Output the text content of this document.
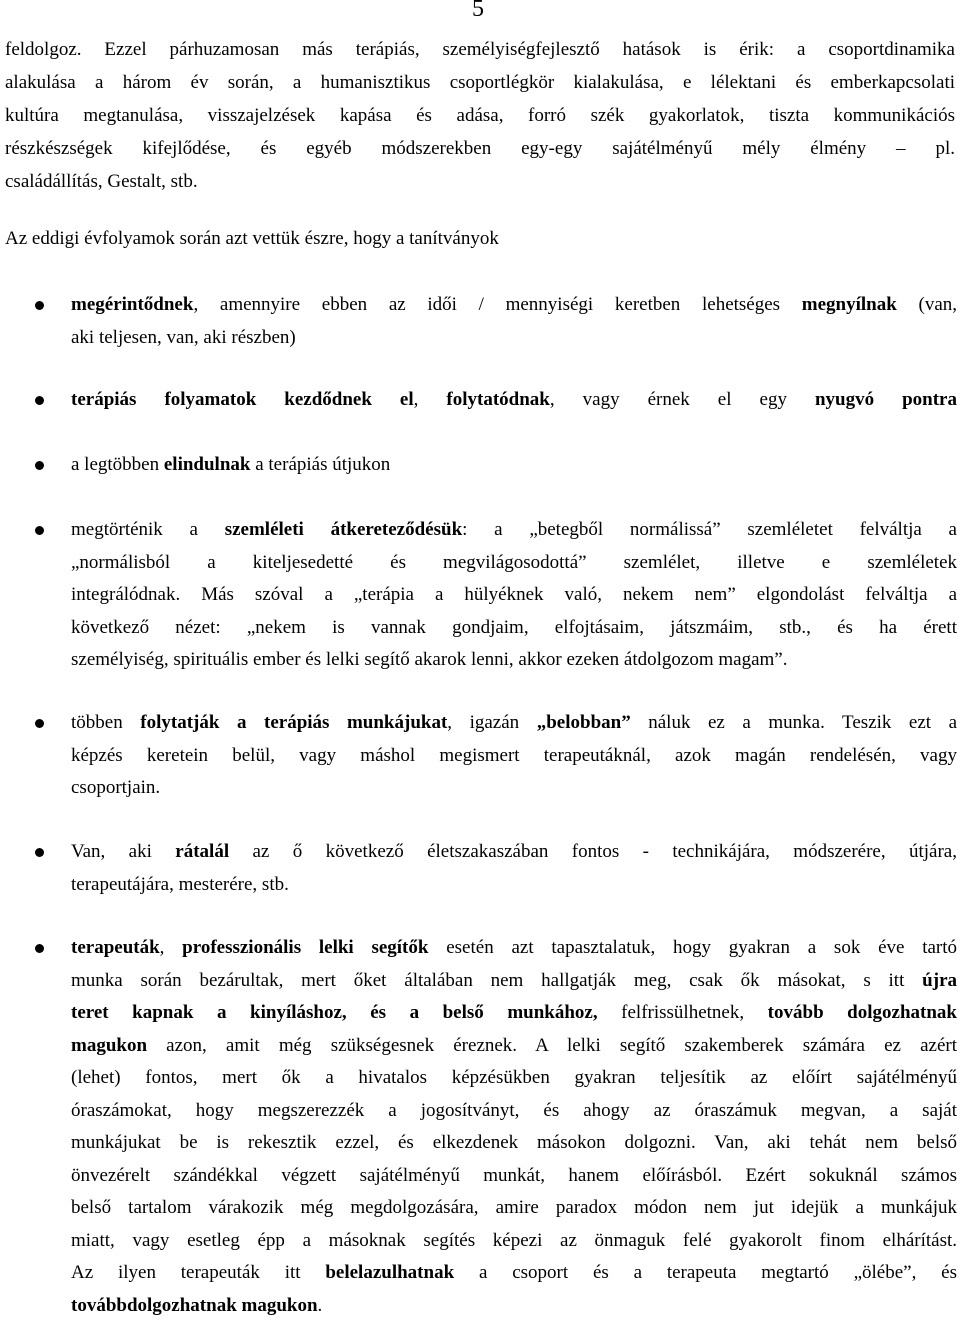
5

feldolgoz. Ezzel párhuzamosan más terápiás, személyiségfejlesztő hatások is érik: a csoportdinamika
alakulása a három év során, a humanisztikus csoportlégkör kialakulása, e lélektani és emberkapcsolati
kultúra megtanulása, visszajelzések kapása és adása, forró szék gyakorlatok, tiszta kommunikációs
részkészségek kifejlődése, és egyéb módszerekben egy-egy sajátélményű mély élmény – pl.
családállítás, Gestalt, stb.

Az eddigi évfolyamok során azt vettük észre, hogy a tanítványok

megérintődnek, amennyire ebben az idői / mennyiségi keretben lehetséges megnyílnak (van,
aki teljesen, van, aki részben)
terápiás folyamatok kezdődnek el, folytatódnak, vagy érnek el egy nyugvó pontra
a legtöbben elindulnak a terápiás útjukon
megtörténik a szemléleti átkereteződésük: a „betegből normálissá” szemléletet felváltja a
„normálisból a kiteljesedetté és megvilágosodottá” szemlélet, illetve e szemléletek
integrálódnak. Más szóval a „terápia a hülyéknek való, nekem nem” elgondolást felváltja a
következő nézet: „nekem is vannak gondjaim, elfojtásaim, játszmáim, stb., és ha érett
személyiség, spirituális ember és lelki segítő akarok lenni, akkor ezeken átdolgozom magam”.
többen folytatják a terápiás munkájukat, igazán „belobban” náluk ez a munka. Teszik ezt a
képzés keretein belül, vagy máshol megismert terapeutáknál, azok magán rendelésén, vagy
csoportjain.
Van, aki rátalál az ő következő életszakaszában fontos - technikájára, módszerére, útjára,
terapeutájára, mesterére, stb.
terapeuták, professzionális lelki segítők esetén azt tapasztalatuk, hogy gyakran a sok éve tartó
munka során bezárultak, mert őket általában nem hallgatják meg, csak ők másokat, s itt újra
teret kapnak a kinyíláshoz, és a belső munkához, felfrissülhetnek, tovább dolgozhatnak
magukon azon, amit még szükségesnek éreznek. A lelki segítő szakemberek számára ez azért
(lehet) fontos, mert ők a hivatalos képzésükben gyakran teljesítik az előírt sajátélményű
óraszámokat, hogy megszerezzék a jogosítványt, és ahogy az óraszámuk megvan, a saját
munkájukat be is rekesztik ezzel, és elkezdenek másokon dolgozni. Van, aki tehát nem belső
önvezérelt szándékkal végzett sajátélményű munkát, hanem előírásból. Ezért sokuknál számos
belső tartalom várakozik még megdolgozására, amire paradox módon nem jut idejük a munkájuk
miatt, vagy esetleg épp a másoknak segítés képezi az önmaguk felé gyakorolt finom elhárítást.
Az ilyen terapeuták itt belelazulhatnak a csoport és a terapeuta megtartó „ölébe”, és
továbbdolgozhatnak magukon.
